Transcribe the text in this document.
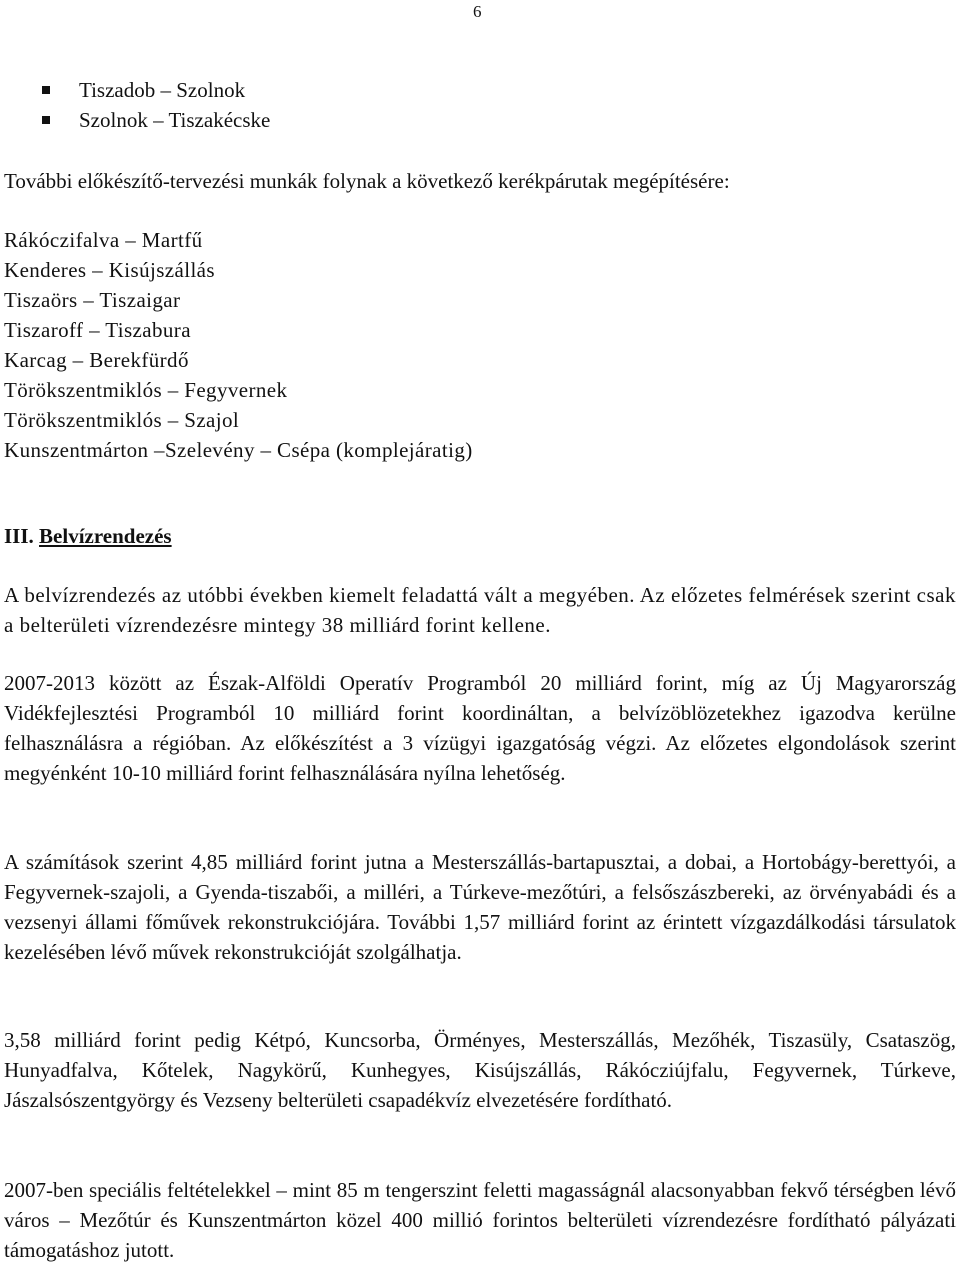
6
Tiszadob – Szolnok
Szolnok – Tiszakécske
További előkészítő-tervezési munkák folynak a következő kerékpárutak megépítésére:
Rákóczifalva – Martfű
Kenderes – Kisújszállás
Tiszaörs – Tiszaigar
Tiszaroff – Tiszabura
Karcag – Berekfürdő
Törökszentmiklós – Fegyvernek
Törökszentmiklós – Szajol
Kunszentmárton –Szelevény – Csépa (komplejáratig)
III. Belvízrendezés

A belvízrendezés az utóbbi években kiemelt feladattá vált a megyében. Az előzetes felmérések szerint csak a belterületi vízrendezésre mintegy 38 milliárd forint kellene.

2007-2013 között az Észak-Alföldi Operatív Programból 20 milliárd forint, míg az Új Magyarország Vidékfejlesztési Programból 10 milliárd forint koordináltan, a belvízöblözetekhez igazodva kerülne felhasználásra a régióban. Az előkészítést a 3 vízügyi igazgatóság végzi. Az előzetes elgondolások szerint megyénként 10-10 milliárd forint felhasználására nyílna lehetőség.

A számítások szerint 4,85 milliárd forint jutna a Mesterszállás-bartapusztai, a dobai, a Hortobágy-berettyói, a Fegyvernek-szajoli, a Gyenda-tiszabői, a milléri, a Túrkeve-mezőtúri, a felsőszászbereki, az örvényabádi és a vezsenyi állami főművek rekonstrukciójára. További 1,57 milliárd forint az érintett vízgazdálkodási társulatok kezelésében lévő művek rekonstrukcióját szolgálhatja.

3,58 milliárd forint pedig Kétpó, Kuncsorba, Örményes, Mesterszállás, Mezőhék, Tiszasüly, Csataszög, Hunyadfalva, Kőtelek, Nagykörű, Kunhegyes, Kisújszállás, Rákócziújfalu, Fegyvernek, Túrkeve, Jászalsószentgyörgy és Vezseny belterületi csapadékvíz elvezetésére fordítható.

2007-ben speciális feltételekkel – mint 85 m tengerszint feletti magasságnál alacsonyabban fekvő térségben lévő város – Mezőtúr és Kunszentmárton közel 400 millió forintos belterületi vízrendezésre fordítható pályázati támogatáshoz jutott.
